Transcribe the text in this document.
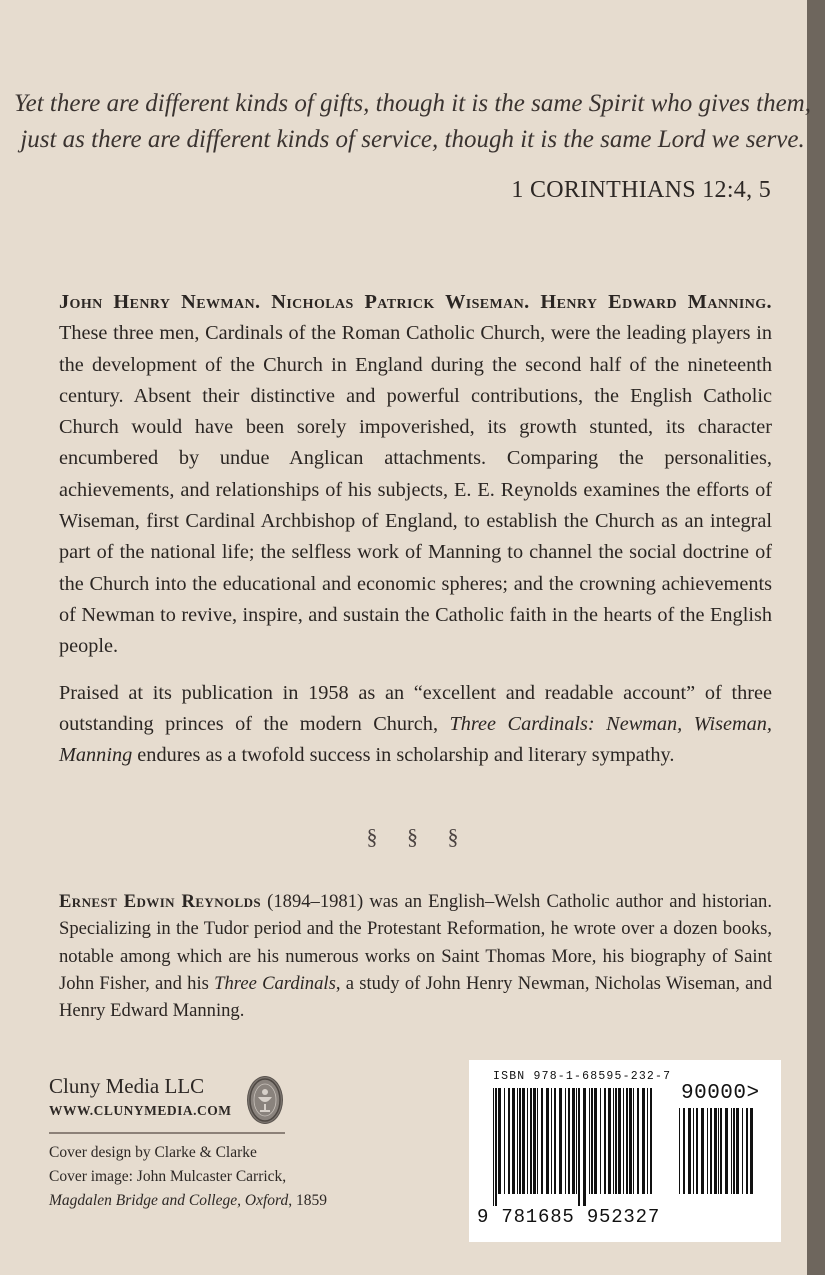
Yet there are different kinds of gifts, though it is the same Spirit who gives them,
just as there are different kinds of service, though it is the same Lord we serve.
1 CORINTHIANS 12:4, 5

John Henry Newman. Nicholas Patrick Wiseman. Henry Edward Manning. These three men, Cardinals of the Roman Catholic Church, were the leading players in the development of the Church in England during the second half of the nineteenth century. Absent their distinctive and powerful contributions, the English Catholic Church would have been sorely impoverished, its growth stunted, its character encumbered by undue Anglican attachments. Comparing the personalities, achievements, and relationships of his subjects, E. E. Reynolds examines the efforts of Wiseman, first Cardinal Archbishop of England, to establish the Church as an integral part of the national life; the selfless work of Manning to channel the social doctrine of the Church into the educational and economic spheres; and the crowning achievements of Newman to revive, inspire, and sustain the Catholic faith in the hearts of the English people.

Praised at its publication in 1958 as an “excellent and readable account” of three outstanding princes of the modern Church, Three Cardinals: Newman, Wiseman, Manning endures as a twofold success in scholarship and literary sympathy.

§ § §

Ernest Edwin Reynolds (1894–1981) was an English–Welsh Catholic author and historian. Specializing in the Tudor period and the Protestant Reformation, he wrote over a dozen books, notable among which are his numerous works on Saint Thomas More, his biography of Saint John Fisher, and his Three Cardinals, a study of John Henry Newman, Nicholas Wiseman, and Henry Edward Manning.

Cluny Media LLC
WWW.CLUNYMEDIA.COM
Cover design by Clarke & Clarke
Cover image: John Mulcaster Carrick,
Magdalen Bridge and College, Oxford, 1859
ISBN 978-1-68595-232-7
90000>
9 781685 952327
